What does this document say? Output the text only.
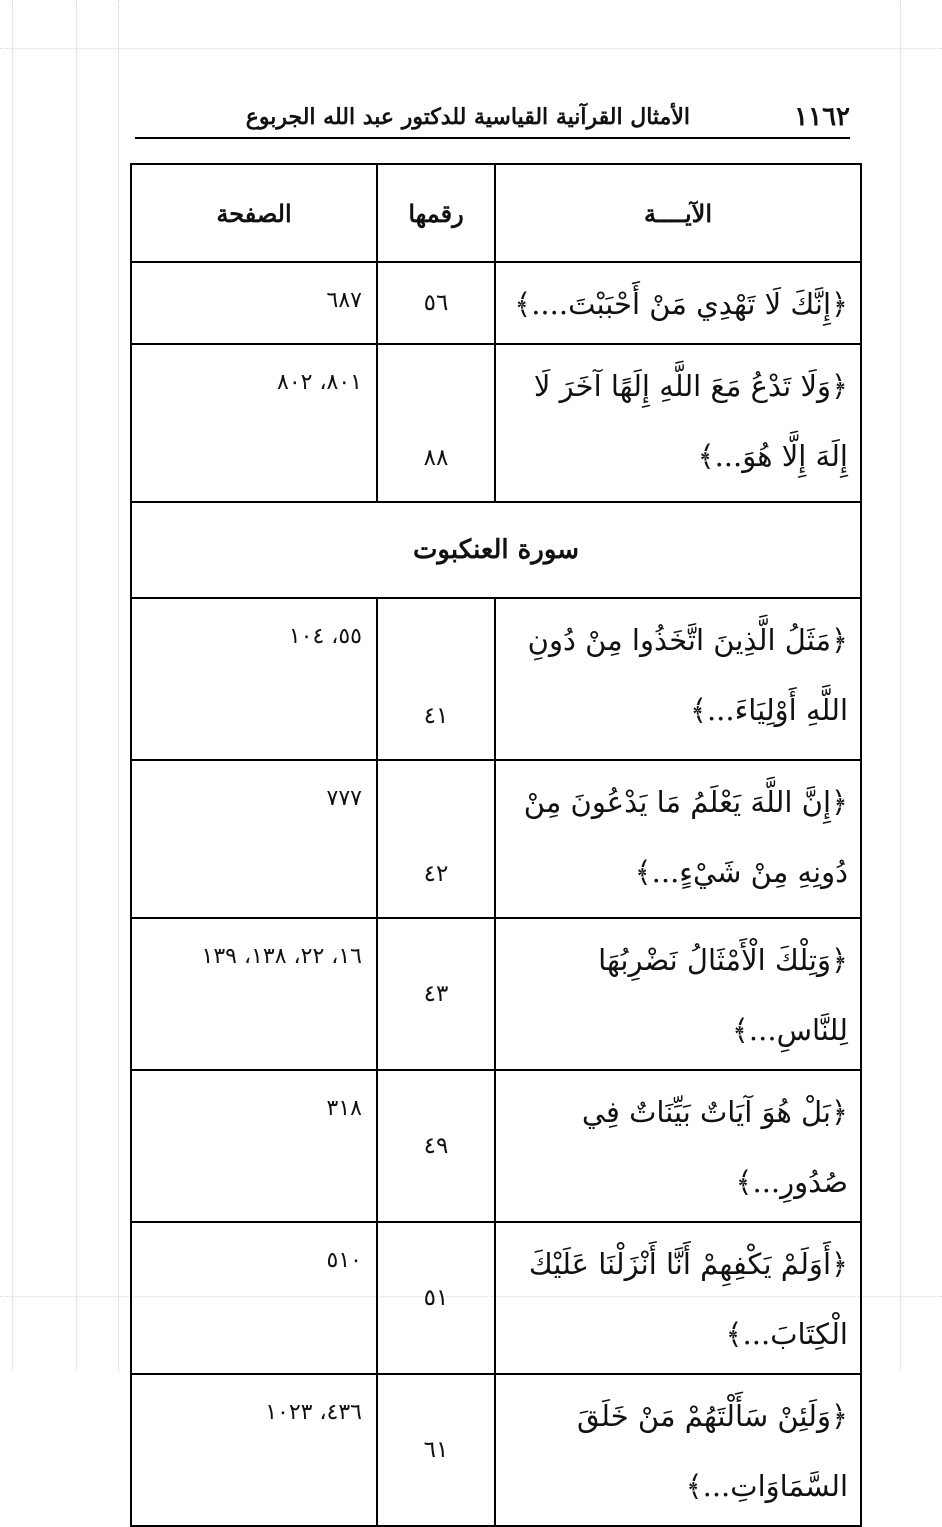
١١٦٢
الأمثال القرآنية القياسية للدكتور عبد الله الجربوع
الآيــــة	رقمها	الصفحة
﴿إِنَّكَ لَا تَهْدِي مَنْ أَحْبَبْتَ....﴾	٥٦	٦٨٧
﴿وَلَا تَدْعُ مَعَ اللَّهِ إِلَهًا آخَرَ لَا إِلَهَ إِلَّا هُوَ...﴾	٨٨	٨٠١، ٨٠٢
سورة العنكبوت		
﴿مَثَلُ الَّذِينَ اتَّخَذُوا مِنْ دُونِ اللَّهِ أَوْلِيَاءَ...﴾	٤١	٥٥، ١٠٤
﴿إِنَّ اللَّهَ يَعْلَمُ مَا يَدْعُونَ مِنْ دُونِهِ مِنْ شَيْءٍ...﴾	٤٢	٧٧٧
﴿وَتِلْكَ الْأَمْثَالُ نَضْرِبُهَا لِلنَّاسِ...﴾	٤٣	١٦، ٢٢، ١٣٨، ١٣٩
﴿بَلْ هُوَ آيَاتٌ بَيِّنَاتٌ فِي صُدُورِ...﴾	٤٩	٣١٨
﴿أَوَلَمْ يَكْفِهِمْ أَنَّا أَنْزَلْنَا عَلَيْكَ الْكِتَابَ...﴾	٥١	٥١٠
﴿وَلَئِنْ سَأَلْتَهُمْ مَنْ خَلَقَ السَّمَاوَاتِ...﴾	٦١	٤٣٦، ١٠٢٣
